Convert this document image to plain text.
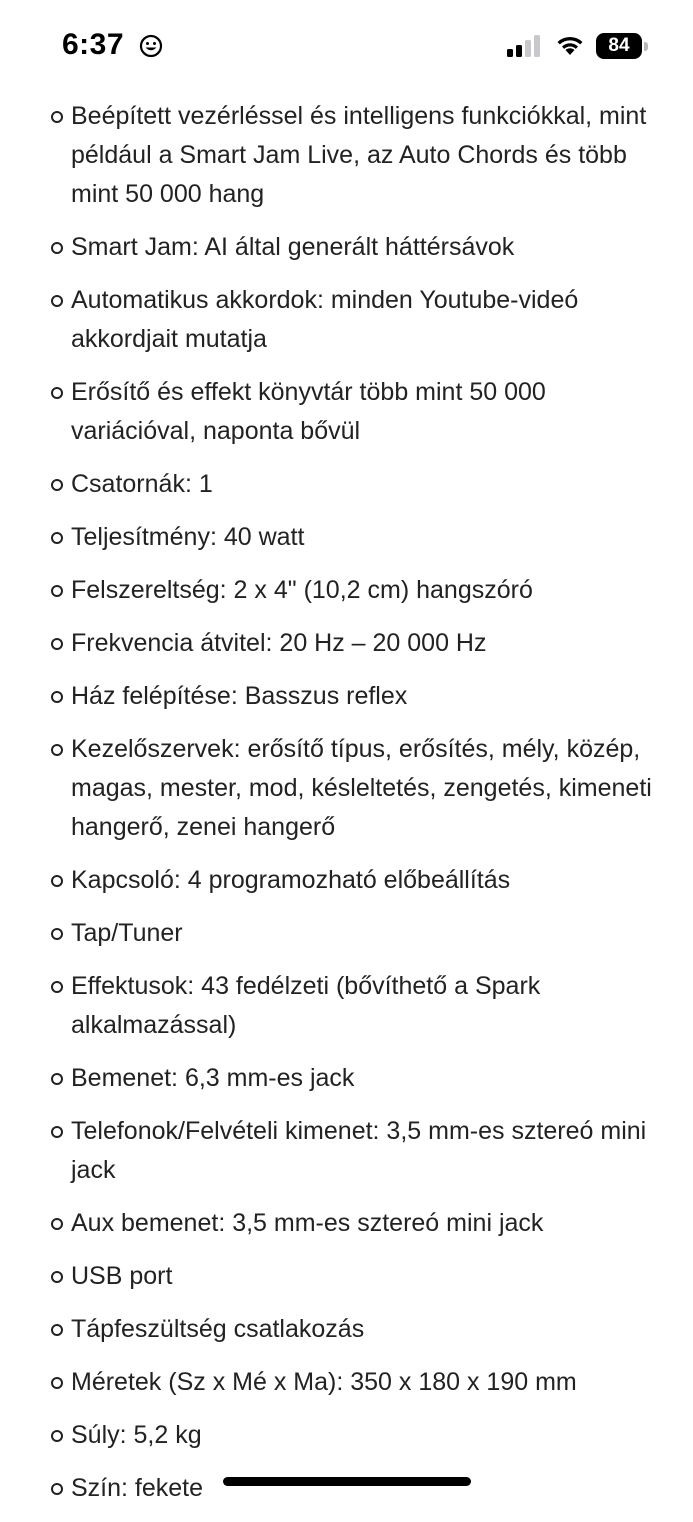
6:37	84
Beépített vezérléssel és intelligens funkciókkal, mint például a Smart Jam Live, az Auto Chords és több mint 50 000 hang
Smart Jam: AI által generált háttérsávok
Automatikus akkordok: minden Youtube-videó akkordjait mutatja
Erősítő és effekt könyvtár több mint 50 000 variációval, naponta bővül
Csatornák: 1
Teljesítmény: 40 watt
Felszereltség: 2 x 4" (10,2 cm) hangszóró
Frekvencia átvitel: 20 Hz – 20 000 Hz
Ház felépítése: Basszus reflex
Kezelőszervek: erősítő típus, erősítés, mély, közép, magas, mester, mod, késleltetés, zengetés, kimeneti hangerő, zenei hangerő
Kapcsoló: 4 programozható előbeállítás
Tap/Tuner
Effektusok: 43 fedélzeti (bővíthető a Spark alkalmazással)
Bemenet: 6,3 mm-es jack
Telefonok/Felvételi kimenet: 3,5 mm-es sztereó mini jack
Aux bemenet: 3,5 mm-es sztereó mini jack
USB port
Tápfeszültség csatlakozás
Méretek (Sz x Mé x Ma): 350 x 180 x 190 mm
Súly: 5,2 kg
Szín: fekete
